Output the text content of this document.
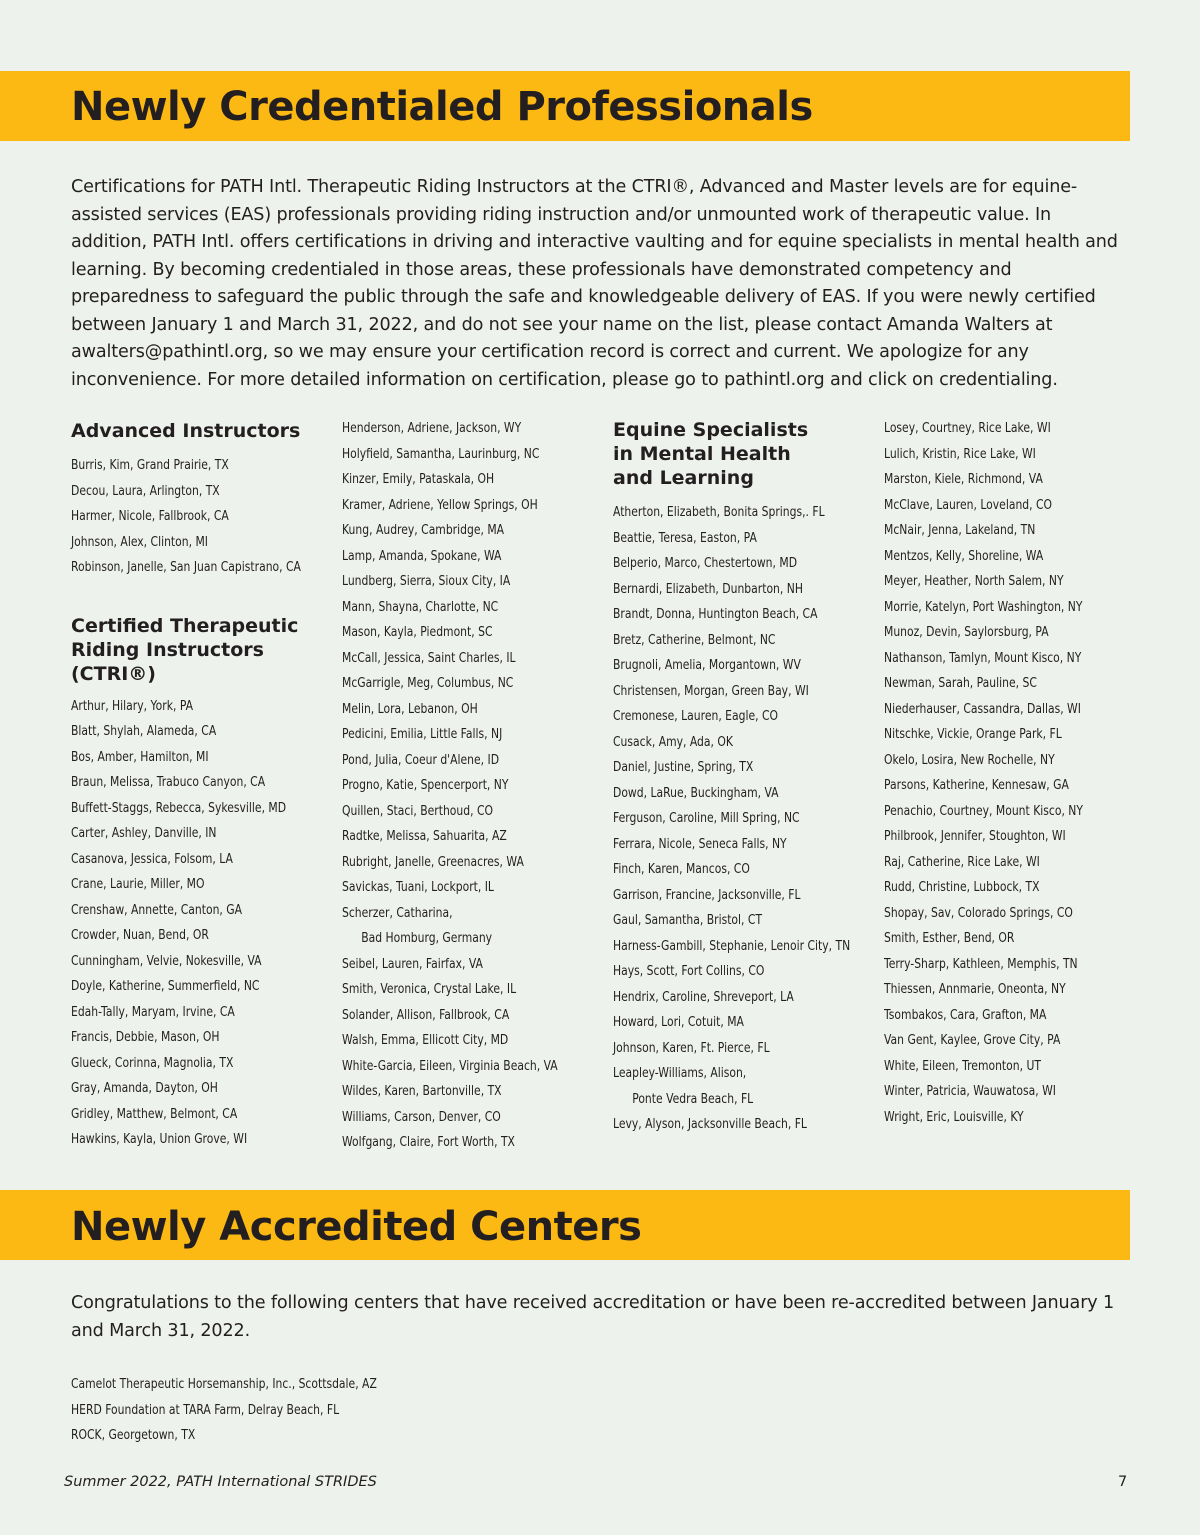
Newly Credentialed Professionals

Certifications for PATH Intl. Therapeutic Riding Instructors at the CTRI®, Advanced and Master levels are for equine-assisted services (EAS) professionals providing riding instruction and/or unmounted work of therapeutic value. In addition, PATH Intl. offers certifications in driving and interactive vaulting and for equine specialists in mental health and learning. By becoming credentialed in those areas, these professionals have demonstrated competency and preparedness to safeguard the public through the safe and knowledgeable delivery of EAS. If you were newly certified between January 1 and March 31, 2022, and do not see your name on the list, please contact Amanda Walters at awalters@pathintl.org, so we may ensure your certification record is correct and current. We apologize for any inconvenience. For more detailed information on certification, please go to pathintl.org and click on credentialing.

Advanced Instructors
Burris, Kim, Grand Prairie, TX
Decou, Laura, Arlington, TX
Harmer, Nicole, Fallbrook, CA
Johnson, Alex, Clinton, MI
Robinson, Janelle, San Juan Capistrano, CA
Certified Therapeutic
Riding Instructors
(CTRI®)
Arthur, Hilary, York, PA
Blatt, Shylah, Alameda, CA
Bos, Amber, Hamilton, MI
Braun, Melissa, Trabuco Canyon, CA
Buffett-Staggs, Rebecca, Sykesville, MD
Carter, Ashley, Danville, IN
Casanova, Jessica, Folsom, LA
Crane, Laurie, Miller, MO
Crenshaw, Annette, Canton, GA
Crowder, Nuan, Bend, OR
Cunningham, Velvie, Nokesville, VA
Doyle, Katherine, Summerfield, NC
Edah-Tally, Maryam, Irvine, CA
Francis, Debbie, Mason, OH
Glueck, Corinna, Magnolia, TX
Gray, Amanda, Dayton, OH
Gridley, Matthew, Belmont, CA
Hawkins, Kayla, Union Grove, WI
Henderson, Adriene, Jackson, WY
Holyfield, Samantha, Laurinburg, NC
Kinzer, Emily, Pataskala, OH
Kramer, Adriene, Yellow Springs, OH
Kung, Audrey, Cambridge, MA
Lamp, Amanda, Spokane, WA
Lundberg, Sierra, Sioux City, IA
Mann, Shayna, Charlotte, NC
Mason, Kayla, Piedmont, SC
McCall, Jessica, Saint Charles, IL
McGarrigle, Meg, Columbus, NC
Melin, Lora, Lebanon, OH
Pedicini, Emilia, Little Falls, NJ
Pond, Julia, Coeur d'Alene, ID
Progno, Katie, Spencerport, NY
Quillen, Staci, Berthoud, CO
Radtke, Melissa, Sahuarita, AZ
Rubright, Janelle, Greenacres, WA
Savickas, Tuani, Lockport, IL
Scherzer, Catharina,
Bad Homburg, Germany
Seibel, Lauren, Fairfax, VA
Smith, Veronica, Crystal Lake, IL
Solander, Allison, Fallbrook, CA
Walsh, Emma, Ellicott City, MD
White-Garcia, Eileen, Virginia Beach, VA
Wildes, Karen, Bartonville, TX
Williams, Carson, Denver, CO
Wolfgang, Claire, Fort Worth, TX
Equine Specialists
in Mental Health
and Learning
Atherton, Elizabeth, Bonita Springs,. FL
Beattie, Teresa, Easton, PA
Belperio, Marco, Chestertown, MD
Bernardi, Elizabeth, Dunbarton, NH
Brandt, Donna, Huntington Beach, CA
Bretz, Catherine, Belmont, NC
Brugnoli, Amelia, Morgantown, WV
Christensen, Morgan, Green Bay, WI
Cremonese, Lauren, Eagle, CO
Cusack, Amy, Ada, OK
Daniel, Justine, Spring, TX
Dowd, LaRue, Buckingham, VA
Ferguson, Caroline, Mill Spring, NC
Ferrara, Nicole, Seneca Falls, NY
Finch, Karen, Mancos, CO
Garrison, Francine, Jacksonville, FL
Gaul, Samantha, Bristol, CT
Harness-Gambill, Stephanie, Lenoir City, TN
Hays, Scott, Fort Collins, CO
Hendrix, Caroline, Shreveport, LA
Howard, Lori, Cotuit, MA
Johnson, Karen, Ft. Pierce, FL
Leapley-Williams, Alison,
Ponte Vedra Beach, FL
Levy, Alyson, Jacksonville Beach, FL
Losey, Courtney, Rice Lake, WI
Lulich, Kristin, Rice Lake, WI
Marston, Kiele, Richmond, VA
McClave, Lauren, Loveland, CO
McNair, Jenna, Lakeland, TN
Mentzos, Kelly, Shoreline, WA
Meyer, Heather, North Salem, NY
Morrie, Katelyn, Port Washington, NY
Munoz, Devin, Saylorsburg, PA
Nathanson, Tamlyn, Mount Kisco, NY
Newman, Sarah, Pauline, SC
Niederhauser, Cassandra, Dallas, WI
Nitschke, Vickie, Orange Park, FL
Okelo, Losira, New Rochelle, NY
Parsons, Katherine, Kennesaw, GA
Penachio, Courtney, Mount Kisco, NY
Philbrook, Jennifer, Stoughton, WI
Raj, Catherine, Rice Lake, WI
Rudd, Christine, Lubbock, TX
Shopay, Sav, Colorado Springs, CO
Smith, Esther, Bend, OR
Terry-Sharp, Kathleen, Memphis, TN
Thiessen, Annmarie, Oneonta, NY
Tsombakos, Cara, Grafton, MA
Van Gent, Kaylee, Grove City, PA
White, Eileen, Tremonton, UT
Winter, Patricia, Wauwatosa, WI
Wright, Eric, Louisville, KY
Newly Accredited Centers

Congratulations to the following centers that have received accreditation or have been re-accredited between January 1 and March 31, 2022.

Camelot Therapeutic Horsemanship, Inc., Scottsdale, AZ
HERD Foundation at TARA Farm, Delray Beach, FL
ROCK, Georgetown, TX
Summer 2022, PATH International STRIDES	7
